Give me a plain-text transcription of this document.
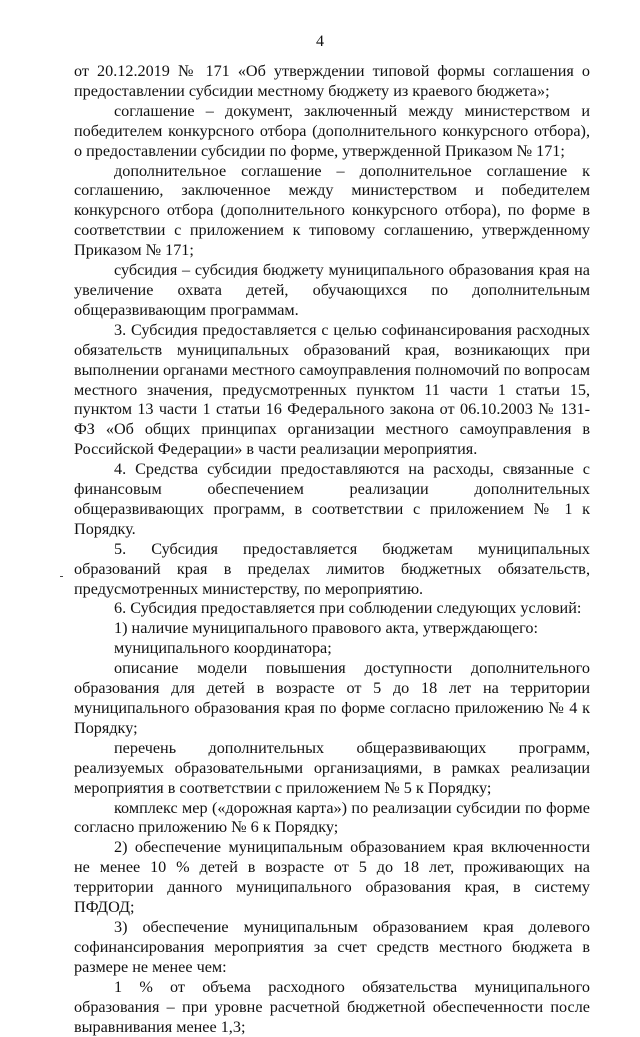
4

от 20.12.2019 № 171 «Об утверждении типовой формы соглашения о предоставлении субсидии местному бюджету из краевого бюджета»;

соглашение – документ, заключенный между министерством и победителем конкурсного отбора (дополнительного конкурсного отбора), о предоставлении субсидии по форме, утвержденной Приказом № 171;

дополнительное соглашение – дополнительное соглашение к соглашению, заключенное между министерством и победителем конкурсного отбора (дополнительного конкурсного отбора), по форме в соответствии с приложением к типовому соглашению, утвержденному Приказом № 171;

субсидия – субсидия бюджету муниципального образования края на увеличение охвата детей, обучающихся по дополнительным общеразвивающим программам.

3. Субсидия предоставляется с целью софинансирования расходных обязательств муниципальных образований края, возникающих при выполнении органами местного самоуправления полномочий по вопросам местного значения, предусмотренных пунктом 11 части 1 статьи 15, пунктом 13 части 1 статьи 16 Федерального закона от 06.10.2003 № 131-ФЗ «Об общих принципах организации местного самоуправления в Российской Федерации» в части реализации мероприятия.

4. Средства субсидии предоставляются на расходы, связанные с финансовым обеспечением реализации дополнительных общеразвивающих программ, в соответствии с приложением № 1 к Порядку.

5. Субсидия предоставляется бюджетам муниципальных образований края в пределах лимитов бюджетных обязательств, предусмотренных министерству, по мероприятию.

6. Субсидия предоставляется при соблюдении следующих условий:

1) наличие муниципального правового акта, утверждающего:

муниципального координатора;

описание модели повышения доступности дополнительного образования для детей в возрасте от 5 до 18 лет на территории муниципального образования края по форме согласно приложению № 4 к Порядку;

перечень дополнительных общеразвивающих программ, реализуемых образовательными организациями, в рамках реализации мероприятия в соответствии с приложением № 5 к Порядку;

комплекс мер («дорожная карта») по реализации субсидии по форме согласно приложению № 6 к Порядку;

2) обеспечение муниципальным образованием края включенности не менее 10 % детей в возрасте от 5 до 18 лет, проживающих на территории данного муниципального образования края, в систему ПФДОД;

3) обеспечение муниципальным образованием края долевого софинансирования мероприятия за счет средств местного бюджета в размере не менее чем:

1 % от объема расходного обязательства муниципального образования – при уровне расчетной бюджетной обеспеченности после выравнивания менее 1,3;
